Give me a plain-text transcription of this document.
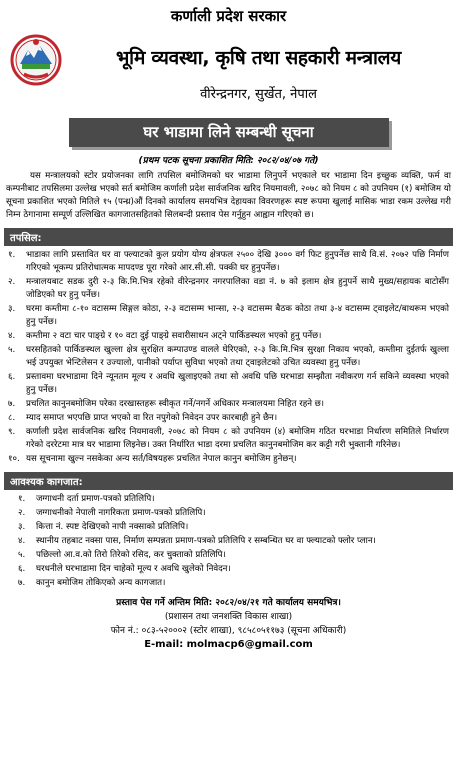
कर्णाली प्रदेश सरकार
भूमि व्यवस्था, कृषि तथा सहकारी मन्त्रालय
वीरेन्द्रनगर, सुर्खेत, नेपाल
घर भाडामा लिने सम्बन्धी सूचना
(प्रथम पटक सूचना प्रकाशित मिति: २०८२/०४/०७ गते)

यस मन्त्रालयको स्टोर प्रयोजनका लागि तपसिल बमोजिमको घर भाडामा लिनुपर्ने भएकाले घर भाडामा दिन इच्छुक व्यक्ति, फर्म वा कम्पनीबाट तपसिलमा उल्लेख भएको सर्त बमोजिम कर्णाली प्रदेश सार्वजनिक खरिद नियमावली, २०७८ को नियम ८ को उपनियम (१) बमोजिम यो सूचना प्रकाशित भएको मितिले १५ (पन्ध्र)औं दिनको कार्यालय समयभित्र देहायका विवरणहरू स्पष्ट रूपमा खुलाई मासिक भाडा रकम उल्लेख गरी निम्न ठेगानामा सम्पूर्ण उल्लिखित कागजातसहितको सिलबन्दी प्रस्ताव पेस गर्नुहुन आह्वान गरिएको छ।

तपसिल:
१.	भाडाका लागि प्रस्तावित घर वा फ्ल्याटको कुल प्रयोग योग्य क्षेत्रफल २५०० देखि ३००० वर्ग फिट हुनुपर्नेछ साथै वि.सं. २०७२ पछि निर्माण गरिएको भूकम्प प्रतिरोधात्मक मापदण्ड पूरा गरेको आर.सी.सी. पक्की घर हुनुपर्नेछ।
२.	मन्त्रालयबाट सडक दुरी २-३ कि.मि.भित्र रहेको वीरेन्द्रनगर नगरपालिका वडा नं. ७ को इलाम क्षेत्र हुनुपर्ने साथै मुख्य/सहायक बाटोसँग जोडिएको घर हुनु पर्नेछ।
३.	घरमा कम्तीमा ८-१० वटासम्म सिङ्गल कोठा, २-३ वटासम्म भान्सा, २-३ वटासम्म बैठक कोठा तथा ३-४ वटासम्म ट्वाइलेट/बाथरूम भएको हुनु पर्नेछ।
४.	कम्तीमा २ वटा चार पाङ्ग्रे र १० वटा दुई पाङ्ग्रे सवारीसाधन अट्ने पार्किङस्थल भएको हुनु पर्नेछ।
५.	घरसहितको पार्किङस्थल खुल्ला क्षेत्र सुरक्षित कम्पाउण्ड वालले घेरिएको, २-३ कि.मि.भित्र सुरक्षा निकाय भएको, कम्तीमा दुईतर्फ खुल्ला भई उपयुक्त भेन्टिलेसन र उज्यालो, पानीको पर्याप्त सुविधा भएको तथा ट्वाइलेटको उचित व्यवस्था हुनु पर्नेछ।
६.	प्रस्तावमा घरभाडामा दिने न्यूनतम मूल्य र अवधि खुलाइएको तथा सो अवधि पछि घरभाडा सम्झौता नवीकरण गर्न सकिने व्यवस्था भएको हुनु पर्नेछ।
७.	प्रचलित कानुनबमोजिम परेका दरखास्तहरू स्वीकृत गर्ने/नगर्ने अधिकार मन्त्रालयमा निहित रहने छ।
८.	म्याद समाप्त भएपछि प्राप्त भएको वा रित नपुगेको निवेदन उपर कारबाही हुने छैन।
९.	कर्णाली प्रदेश सार्वजनिक खरिद नियमावली, २०७८ को नियम ८ को उपनियम (४) बमोजिम गठित घरभाडा निर्धारण समितिले निर्धारण गरेको दररेटमा मात्र घर भाडामा लिइनेछ। उक्त निर्धारित भाडा दरमा प्रचलित कानुनबमोजिम कर कट्टी गरी भुक्तानी गरिनेछ।
१०. यस सूचनामा खुल्न नसकेका अन्य सर्त/विषयहरू प्रचलित नेपाल कानुन बमोजिम हुनेछन्।
आवश्यक कागजात:
१.	जग्गाधनी दर्ता प्रमाण-पत्रको प्रतिलिपि।
२.	जग्गाधनीको नेपाली नागरिकता प्रमाण-पत्रको प्रतिलिपि।
३.	कित्ता नं. स्पष्ट देखिएको नापी नक्साको प्रतिलिपि।
४.	स्थानीय तहबाट नक्सा पास, निर्माण सम्पन्नता प्रमाण-पत्रको प्रतिलिपि र सम्बन्धित घर वा फ्ल्याटको फ्लोर प्लान।
५.	पछिल्लो आ.व.को तिरो तिरेको रसिद, कर चुक्ताको प्रतिलिपि।
६.	घरधनीले घरभाडामा दिन चाहेको मूल्य र अवधि खुलेको निवेदन।
७.	कानुन बमोजिम तोकिएको अन्य कागजात।
प्रस्ताव पेस गर्ने अन्तिम मिति: २०८२/०४/२१ गते कार्यालय समयभित्र।
(प्रशासन तथा जनशक्ति विकास शाखा)
फोन नं.: ०८३-५२०००२ (स्टोर शाखा), ९८५८०५११७३ (सूचना अधिकारी)
E-mail: molmacp6@gmail.com
